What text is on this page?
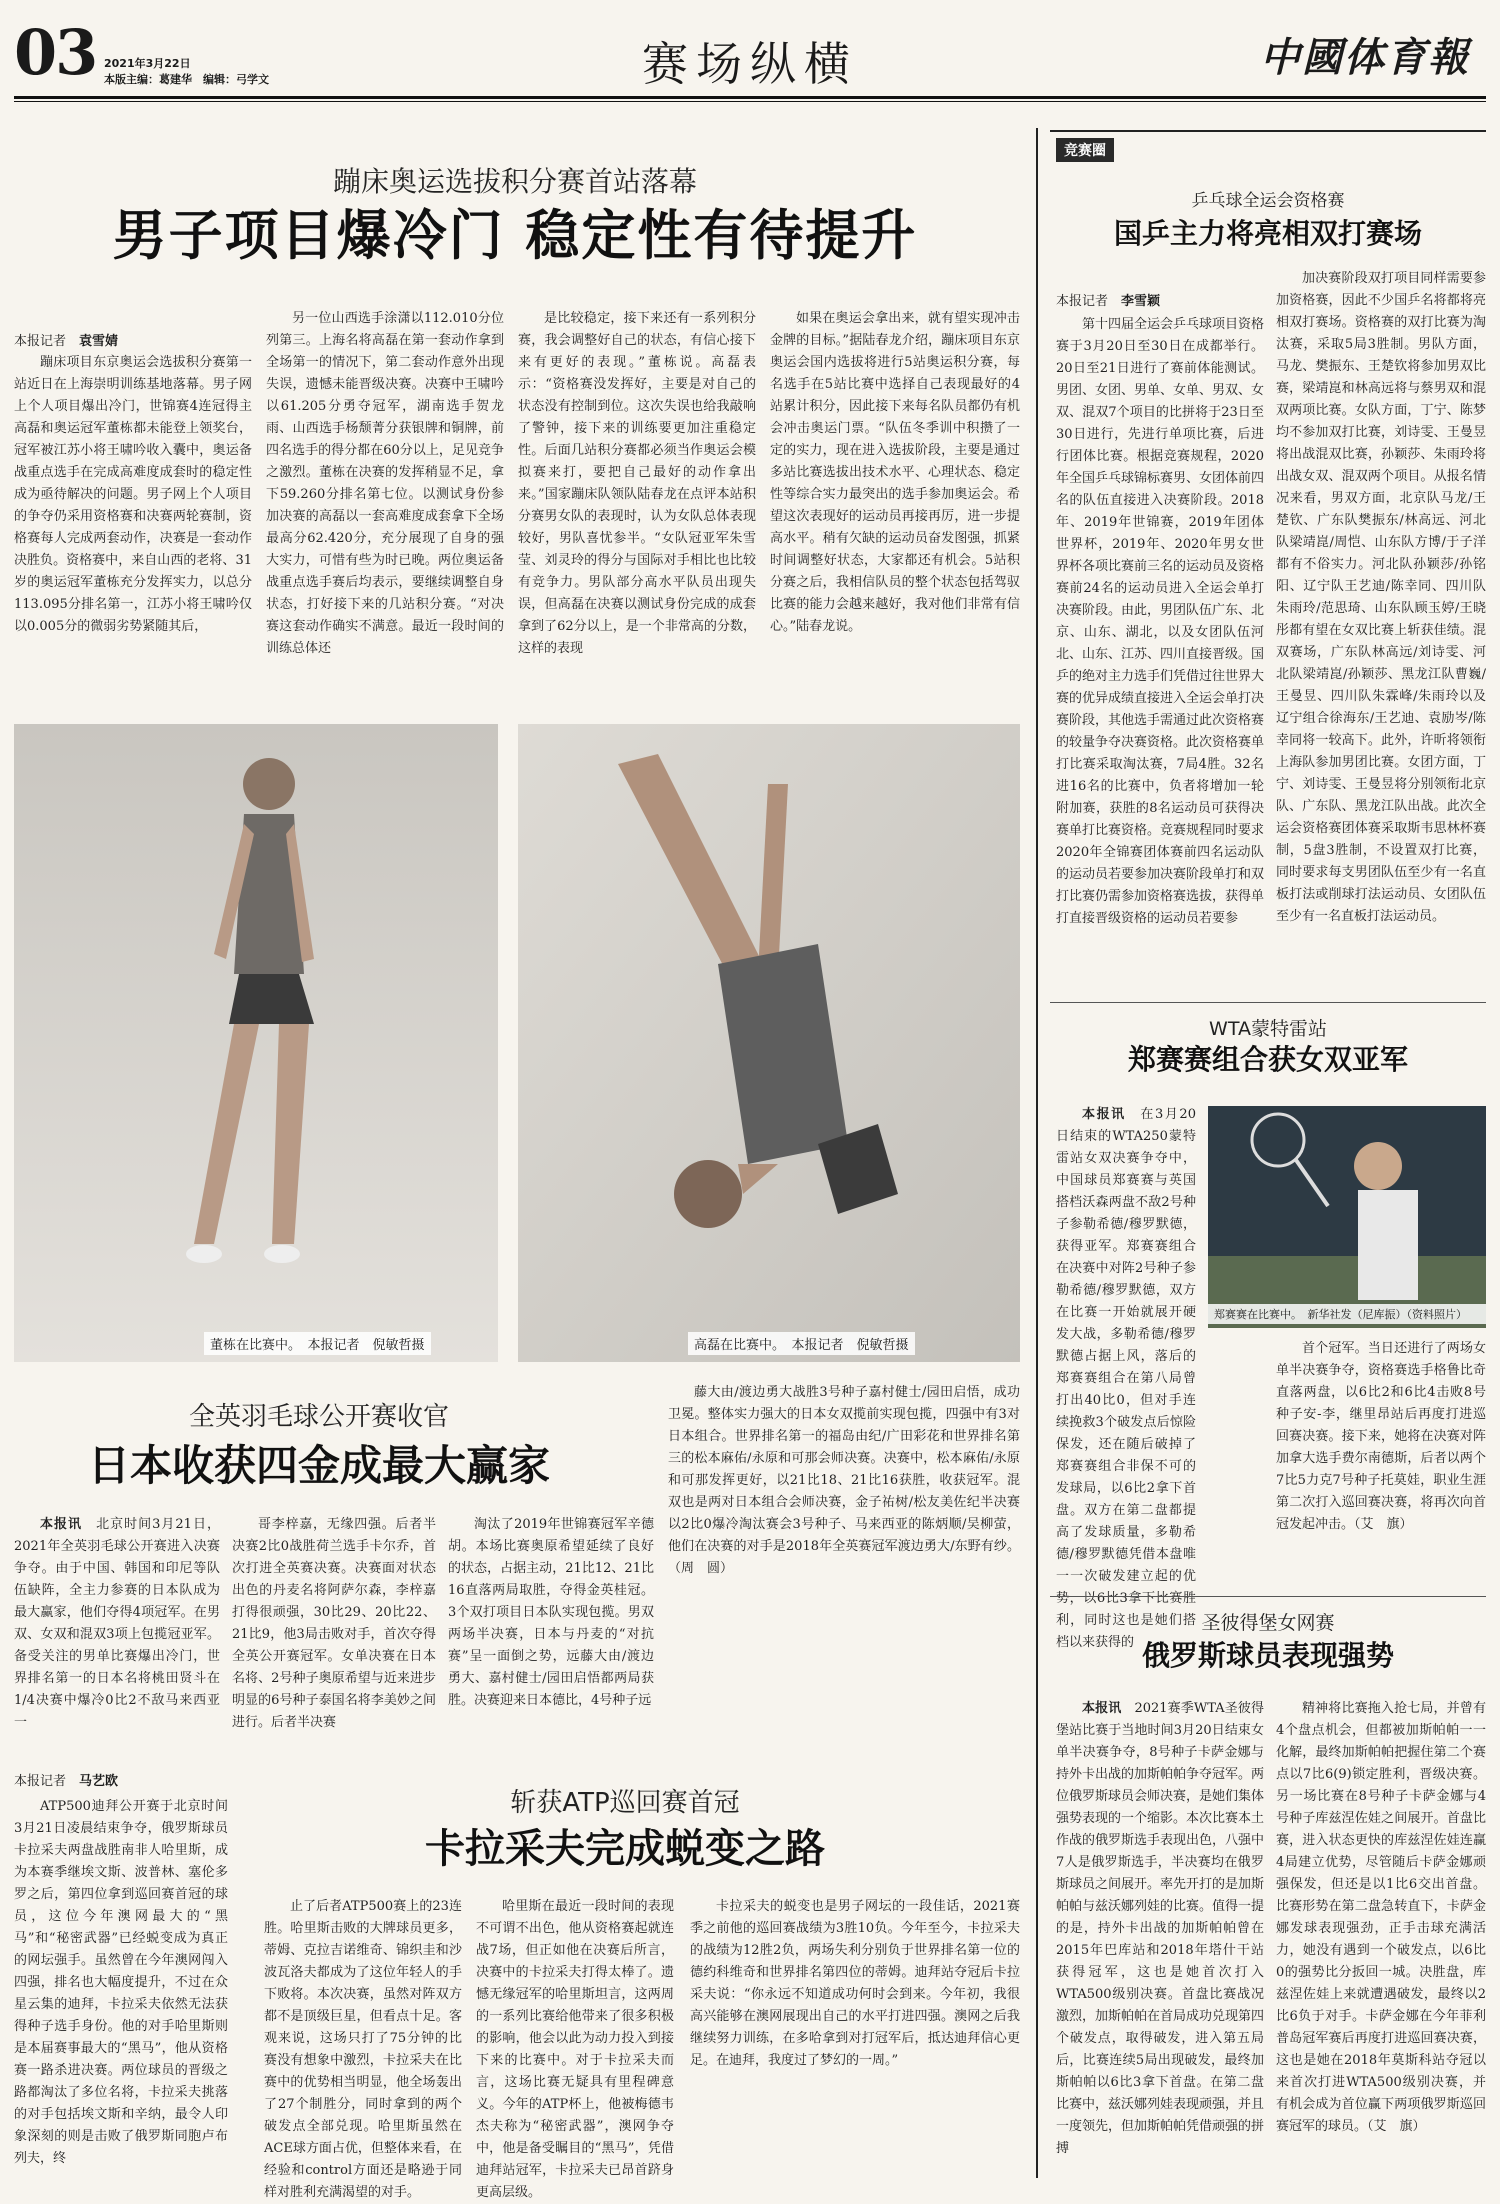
03 2021年3月22日
本版主编：葛建华　编辑：弓学文	赛场纵横	中國体育報
蹦床奥运选拔积分赛首站落幕
男子项目爆冷门 稳定性有待提升
本报记者　 袁雪婧

蹦床项目东京奥运会选拔积分赛第一站近日在上海崇明训练基地落幕。男子网上个人项目爆出冷门，世锦赛4连冠得主高磊和奥运冠军董栋都未能登上领奖台，冠军被江苏小将王啸吟收入囊中，奥运备战重点选手在完成高难度成套时的稳定性成为亟待解决的问题。男子网上个人项目的争夺仍采用资格赛和决赛两轮赛制，资格赛每人完成两套动作，决赛是一套动作决胜负。资格赛中，来自山西的老将、31岁的奥运冠军董栋充分发挥实力，以总分113.095分排名第一，江苏小将王啸吟仅以0.005分的微弱劣势紧随其后，

另一位山西选手涂潇以112.010分位列第三。上海名将高磊在第一套动作拿到全场第一的情况下，第二套动作意外出现失误，遗憾未能晋级决赛。决赛中王啸吟以61.205分勇夺冠军，湖南选手贺龙雨、山西选手杨颓菁分获银牌和铜牌，前四名选手的得分都在60分以上，足见竞争之激烈。董栋在决赛的发挥稍显不足，拿下59.260分排名第七位。以测试身份参加决赛的高磊以一套高难度成套拿下全场最高分62.420分，充分展现了自身的强大实力，可惜有些为时已晚。两位奥运备战重点选手赛后均表示，要继续调整自身状态，打好接下来的几站积分赛。“对决赛这套动作确实不满意。最近一段时间的训练总体还

是比较稳定，接下来还有一系列积分赛，我会调整好自己的状态，有信心接下来有更好的表现。”董栋说。高磊表示：“资格赛没发挥好，主要是对自己的状态没有控制到位。这次失误也给我敲响了警钟，接下来的训练要更加注重稳定性。后面几站积分赛都必须当作奥运会模拟赛来打，要把自己最好的动作拿出来。”国家蹦床队领队陆春龙在点评本站积分赛男女队的表现时，认为女队总体表现较好，男队喜忧参半。“女队冠亚军朱雪莹、刘灵玲的得分与国际对手相比也比较有竞争力。男队部分高水平队员出现失误，但高磊在决赛以测试身份完成的成套拿到了62分以上，是一个非常高的分数，这样的表现

如果在奥运会拿出来，就有望实现冲击金牌的目标。”据陆春龙介绍，蹦床项目东京奥运会国内选拔将进行5站奥运积分赛，每名选手在5站比赛中选择自己表现最好的4站累计积分，因此接下来每名队员都仍有机会冲击奥运门票。“队伍冬季训中积攒了一定的实力，现在进入选拔阶段，主要是通过多站比赛选拔出技术水平、心理状态、稳定性等综合实力最突出的选手参加奥运会。希望这次表现好的运动员再接再厉，进一步提高水平。稍有欠缺的运动员奋发图强，抓紧时间调整好状态，大家都还有机会。5站积分赛之后，我相信队员的整个状态包括驾驭比赛的能力会越来越好，我对他们非常有信心。”陆春龙说。

董栋在比赛中。　 本报记者　倪敏哲摄	高磊在比赛中。　 本报记者　倪敏哲摄
全英羽毛球公开赛收官
日本收获四金成最大赢家

本报讯　 北京时间3月21日，2021年全英羽毛球公开赛进入决赛争夺。由于中国、韩国和印尼等队伍缺阵，全主力参赛的日本队成为最大赢家，他们夺得4项冠军。在男双、女双和混双3项上包揽冠亚军。备受关注的男单比赛爆出冷门，世界排名第一的日本名将桃田贤斗在1/4决赛中爆冷0比2不敌马来西亚一

哥李梓嘉，无缘四强。后者半决赛2比0战胜荷兰选手卡尔乔，首次打进全英赛决赛。决赛面对状态出色的丹麦名将阿萨尔森，李梓嘉打得很顽强，30比29、20比22、21比9，他3局击败对手，首次夺得全英公开赛冠军。女单决赛在日本名将、2号种子奥原希望与近来进步明显的6号种子泰国名将李美妙之间进行。后者半决赛

淘汰了2019年世锦赛冠军辛德胡。本场比赛奥原希望延续了良好的状态，占据主动，21比12、21比16直落两局取胜，夺得金英桂冠。3个双打项目日本队实现包揽。男双两场半决赛，日本与丹麦的“对抗赛”呈一面倒之势，远藤大由/渡边勇大、嘉村健士/园田启悟都两局获胜。决赛迎来日本德比，4号种子远

藤大由/渡边勇大战胜3号种子嘉村健士/园田启悟，成功卫冕。整体实力强大的日本女双揽前实现包揽，四强中有3对日本组合。世界排名第一的福岛由纪/广田彩花和世界排名第三的松本麻佑/永原和可那会师决赛。决赛中，松本麻佑/永原和可那发挥更好，以21比18、21比16获胜，收获冠军。混双也是两对日本组合会师决赛，金子祐树/松友美佐纪半决赛以2比0爆冷淘汰赛会3号种子、马来西亚的陈炳顺/吴柳萤，他们在决赛的对手是2018年全英赛冠军渡边勇大/东野有纱。（周　圆）

本报记者　 马艺欧
斩获ATP巡回赛首冠
卡拉采夫完成蜕变之路

ATP500迪拜公开赛于北京时间3月21日凌晨结束争夺，俄罗斯球员卡拉采夫两盘战胜南非人哈里斯，成为本赛季继埃文斯、波普林、塞伦多罗之后，第四位拿到巡回赛首冠的球员，这位今年澳网最大的“黑马”和“秘密武器”已经蜕变成为真正的网坛强手。虽然曾在今年澳网闯入四强，排名也大幅度提升，不过在众星云集的迪拜，卡拉采夫依然无法获得种子选手身份。他的对手哈里斯则是本届赛事最大的“黑马”，他从资格赛一路杀进决赛。两位球员的晋级之路都淘汰了多位名将，卡拉采夫挑落的对手包括埃文斯和辛纳，最令人印象深刻的则是击败了俄罗斯同胞卢布列夫，终

止了后者ATP500赛上的23连胜。哈里斯击败的大牌球员更多，蒂姆、克拉吉诺维奇、锦织圭和沙波瓦洛夫都成为了这位年轻人的手下败将。本次决赛，虽然对阵双方都不是顶级巨星，但看点十足。客观来说，这场只打了75分钟的比赛没有想象中激烈，卡拉采夫在比赛中的优势相当明显，他全场轰出了27个制胜分，同时拿到的两个破发点全部兑现。哈里斯虽然在ACE球方面占优，但整体来看，在经验和control方面还是略逊于同样对胜利充满渴望的对手。

哈里斯在最近一段时间的表现不可谓不出色，他从资格赛起就连战7场，但正如他在决赛后所言，决赛中的卡拉采夫打得太棒了。遗憾无缘冠军的哈里斯坦言，这两周的一系列比赛给他带来了很多积极的影响，他会以此为动力投入到接下来的比赛中。对于卡拉采夫而言，这场比赛无疑具有里程碑意义。今年的ATP杯上，他被梅德韦杰夫称为“秘密武器”，澳网争夺中，他是备受瞩目的“黑马”，凭借迪拜站冠军，卡拉采夫已昂首跻身更高层级。

卡拉采夫的蜕变也是男子网坛的一段佳话，2021赛季之前他的巡回赛战绩为3胜10负。今年至今，卡拉采夫的战绩为12胜2负，两场失利分别负于世界排名第一位的德约科维奇和世界排名第四位的蒂姆。迪拜站夺冠后卡拉采夫说：“你永远不知道成功何时会到来。今年初，我很高兴能够在澳网展现出自己的水平打进四强。澳网之后我继续努力训练，在多哈拿到对打冠军后，抵达迪拜信心更足。在迪拜，我度过了梦幻的一周。”

竞赛圈
乒乓球全运会资格赛
国乒主力将亮相双打赛场
本报记者　 李雪颖

第十四届全运会乒乓球项目资格赛于3月20日至30日在成都举行。20日至21日进行了赛前体能测试。男团、女团、男单、女单、男双、女双、混双7个项目的比拼将于23日至30日进行，先进行单项比赛，后进行团体比赛。根据竞赛规程，2020年全国乒乓球锦标赛男、女团体前四名的队伍直接进入决赛阶段。2018年、2019年世锦赛，2019年团体世界杯，2019年、2020年男女世界杯各项比赛前三名的运动员及资格赛前24名的运动员进入全运会单打决赛阶段。由此，男团队伍广东、北京、山东、湖北，以及女团队伍河北、山东、江苏、四川直接晋级。国乒的绝对主力选手们凭借过往世界大赛的优异成绩直接进入全运会单打决赛阶段，其他选手需通过此次资格赛的较量争夺决赛资格。此次资格赛单打比赛采取淘汰赛，7局4胜。32名进16名的比赛中，负者将增加一轮附加赛，获胜的8名运动员可获得决赛单打比赛资格。竞赛规程同时要求2020年全锦赛团体赛前四名运动队的运动员若要参加决赛阶段单打和双打比赛仍需参加资格赛选拔，获得单打直接晋级资格的运动员若要参

加决赛阶段双打项目同样需要参加资格赛，因此不少国乒名将都将亮相双打赛场。资格赛的双打比赛为淘汰赛，采取5局3胜制。男队方面，马龙、樊振东、王楚钦将参加男双比赛，梁靖崑和林高远将与蔡男双和混双两项比赛。女队方面，丁宁、陈梦均不参加双打比赛，刘诗雯、王曼昱将出战混双比赛，孙颖莎、朱雨玲将出战女双、混双两个项目。从报名情况来看，男双方面，北京队马龙/王楚钦、广东队樊振东/林高远、河北队梁靖崑/周恺、山东队方博/于子洋都有不俗实力。河北队孙颖莎/孙铭阳、辽宁队王艺迪/陈幸同、四川队朱雨玲/范思琦、山东队顾玉婷/王晓彤都有望在女双比赛上斩获佳绩。混双赛场，广东队林高远/刘诗雯、河北队梁靖崑/孙颖莎、黑龙江队曹巍/王曼昱、四川队朱霖峰/朱雨玲以及辽宁组合徐海东/王艺迪、袁励岑/陈幸同将一较高下。此外，许昕将领衔上海队参加男团比赛。女团方面，丁宁、刘诗雯、王曼昱将分别领衔北京队、广东队、黑龙江队出战。此次全运会资格赛团体赛采取斯韦思林杯赛制，5盘3胜制，不设置双打比赛，同时要求每支男团队伍至少有一名直板打法或削球打法运动员、女团队伍至少有一名直板打法运动员。

WTA蒙特雷站
郑赛赛组合获女双亚军
郑赛赛在比赛中。　 新华社发（尼库振）（资料照片）

本报讯　 在3月20日结束的WTA250蒙特雷站女双决赛争夺中，中国球员郑赛赛与英国搭档沃森两盘不敌2号种子参勒希德/穆罗默德，获得亚军。郑赛赛组合在决赛中对阵2号种子参勒希德/穆罗默德，双方在比赛一开始就展开硬发大战，多勒希德/穆罗默德占据上风，落后的郑赛赛组合在第八局曾打出40比0，但对手连续挽救3个破发点后惊险保发，还在随后破掉了郑赛赛组合非保不可的发球局，以6比2拿下首盘。双方在第二盘都提高了发球质量，多勒希德/穆罗默德凭借本盘唯一一次破发建立起的优势，以6比3拿下比赛胜利，同时这也是她们搭档以来获得的

首个冠军。当日还进行了两场女单半决赛争夺，资格赛选手格鲁比奇直落两盘，以6比2和6比4击败8号种子安-李，继里昂站后再度打进巡回赛决赛。接下来，她将在决赛对阵加拿大选手费尔南德斯，后者以两个7比5力克7号种子托莫娃，职业生涯第二次打入巡回赛决赛，将再次向首冠发起冲击。（艾　旗）

圣彼得堡女网赛
俄罗斯球员表现强势

本报讯　 2021赛季WTA圣彼得堡站比赛于当地时间3月20日结束女单半决赛争夺，8号种子卡萨金娜与持外卡出战的加斯帕帕争夺冠军。两位俄罗斯球员会师决赛，是她们集体强势表现的一个缩影。本次比赛本土作战的俄罗斯选手表现出色，八强中7人是俄罗斯选手，半决赛均在俄罗斯球员之间展开。率先开打的是加斯帕帕与兹沃娜列娃的比赛。值得一提的是，持外卡出战的加斯帕帕曾在2015年巴库站和2018年塔什干站获得冠军，这也是她首次打入WTA500级别决赛。首盘比赛战况激烈，加斯帕帕在首局成功兑现第四个破发点，取得破发，进入第五局后，比赛连续5局出现破发，最终加斯帕帕以6比3拿下首盘。在第二盘比赛中，兹沃娜列娃表现顽强，并且一度领先，但加斯帕帕凭借顽强的拼搏

精神将比赛拖入抢七局，并曾有4个盘点机会，但都被加斯帕帕一一化解，最终加斯帕帕把握住第二个赛点以7比6(9)锁定胜利，晋级决赛。另一场比赛在8号种子卡萨金娜与4号种子库兹涅佐娃之间展开。首盘比赛，进入状态更快的库兹涅佐娃连赢4局建立优势，尽管随后卡萨金娜顽强保发，但还是以1比6交出首盘。比赛形势在第二盘急转直下，卡萨金娜发球表现强劲，正手击球充满活力，她没有遇到一个破发点，以6比0的强势比分扳回一城。决胜盘，库兹涅佐娃上来就遭遇破发，最终以2比6负于对手。卡萨金娜在今年菲利普岛冠军赛后再度打进巡回赛决赛，这也是她在2018年莫斯科站夺冠以来首次打进WTA500级别决赛，并有机会成为首位赢下两项俄罗斯巡回赛冠军的球员。（艾　旗）
